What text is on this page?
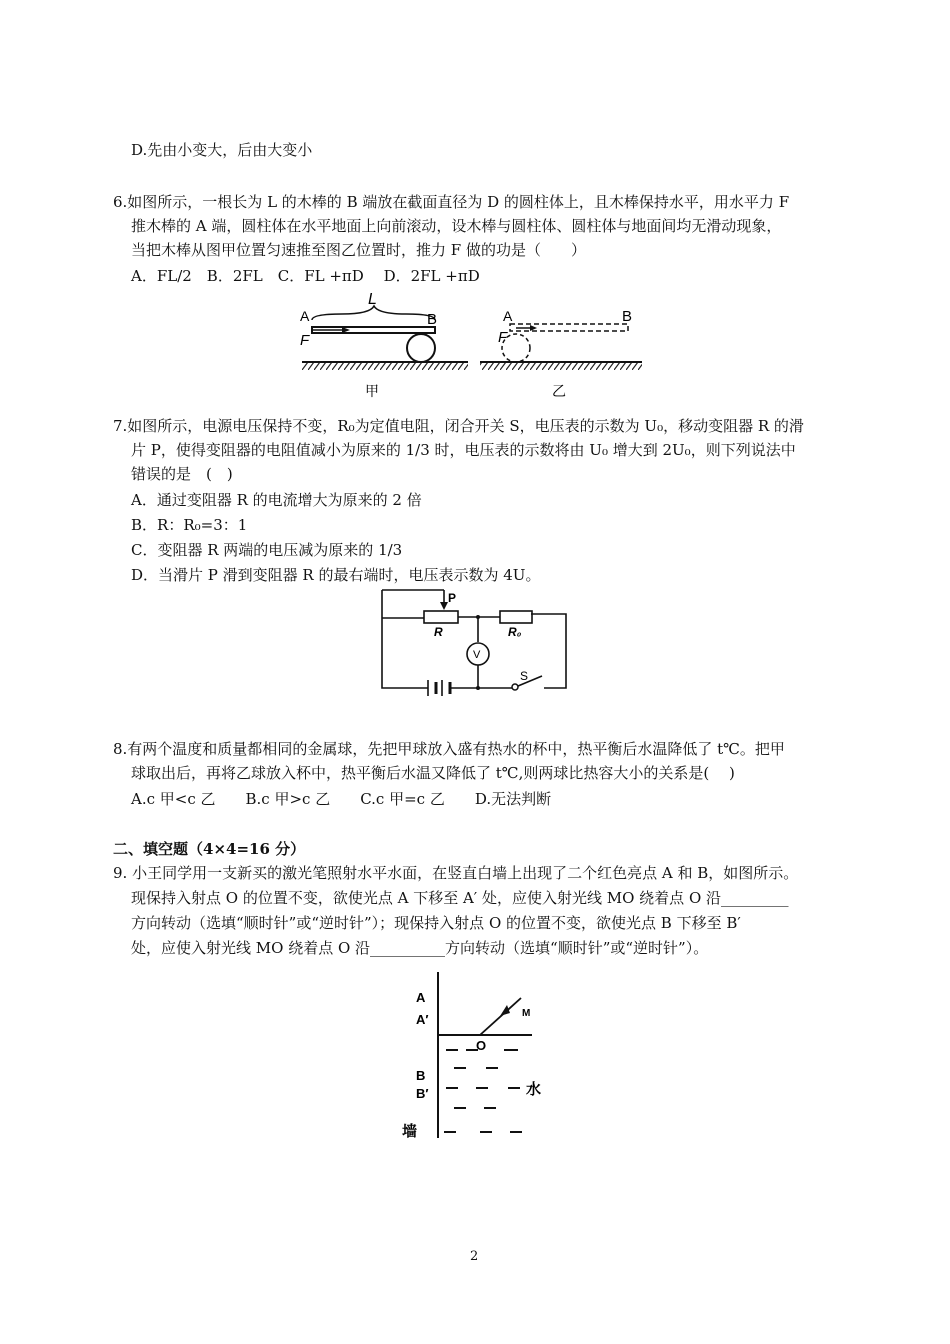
D.先由小变大，后由大变小
6.如图所示，一根长为 L 的木棒的 B 端放在截面直径为 D 的圆柱体上，且木棒保持水平，用水平力 F
推木棒的 A 端，圆柱体在水平地面上向前滚动，设木棒与圆柱体、圆柱体与地面间均无滑动现象，
当把木棒从图甲位置匀速推至图乙位置时，推力 F 做的功是（　　）
A．FL/2　B．2FL　C．FL +πD　 D．2FL +πD
A	B
F
L
甲
A	B
F
乙
7.如图所示，电源电压保持不变，R₀为定值电阻，闭合开关 S，电压表的示数为 U₀，移动变阻器 R 的滑
片 P，使得变阻器的电阻值减小为原来的 1/3 时，电压表的示数将由 U₀ 增大到 2U₀，则下列说法中
错误的是　(　)
A．通过变阻器 R 的电流增大为原来的 2 倍
B．R：R₀=3：1
C．变阻器 R 两端的电压减为原来的 1/3
D．当滑片 P 滑到变阻器 R 的最右端时，电压表示数为 4U。
P
R	R₀
V
S
8.有两个温度和质量都相同的金属球，先把甲球放入盛有热水的杯中，热平衡后水温降低了 t℃。把甲
球取出后，再将乙球放入杯中，热平衡后水温又降低了 t℃,则两球比热容大小的关系是(　 )
A.c 甲<c 乙　　B.c 甲>c 乙　　C.c 甲=c 乙　　D.无法判断
二、填空题（4×4=16 分）
9. 小王同学用一支新买的激光笔照射水平水面，在竖直白墙上出现了二个红色亮点 A 和 B，如图所示。
现保持入射点 O 的位置不变，欲使光点 A 下移至 A′ 处，应使入射光线 MO 绕着点 O 沿_________
方向转动（选填“顺时针”或“逆时针”）；现保持入射点 O 的位置不变，欲使光点 B 下移至 B′
处，应使入射光线 MO 绕着点 O 沿__________方向转动（选填“顺时针”或“逆时针”）。
A
A′
B
B′
O
M
水
墙
2
